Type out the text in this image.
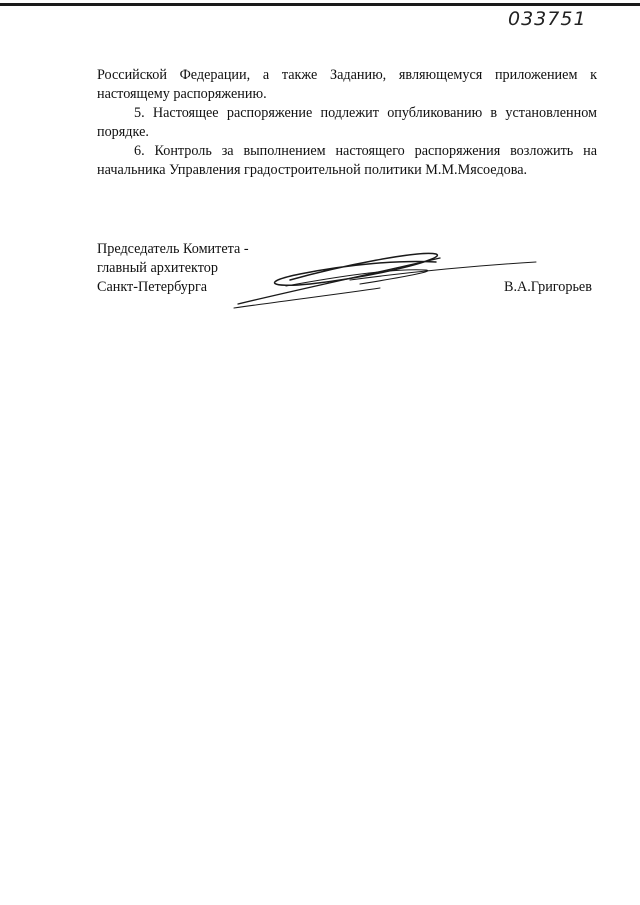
033751

Российской Федерации, а также Заданию, являющемуся приложением к настоящему распоряжению.

5. Настоящее распоряжение подлежит опубликованию в установленном порядке.

6. Контроль за выполнением настоящего распоряжения возложить на начальника Управления градостроительной политики М.М.Мясоедова.

Председатель Комитета -
главный архитектор
Санкт-Петербурга	В.А.Григорьев
